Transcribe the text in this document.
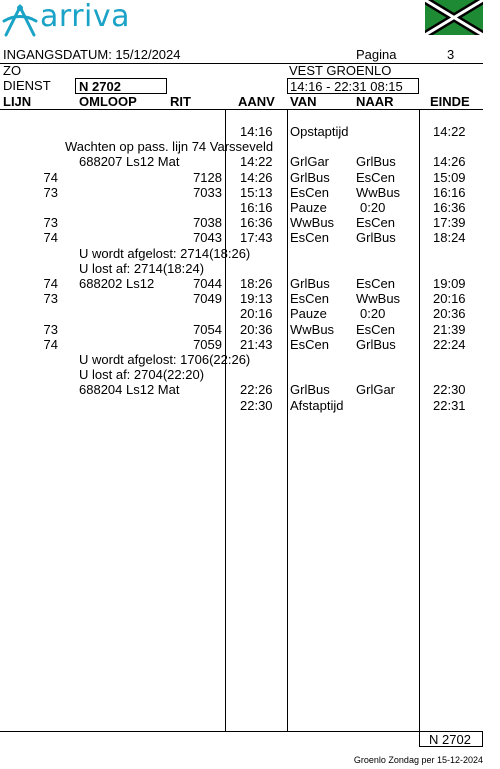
arriva
INGANGSDATUM: 15/12/2024	Pagina	3
ZO	VEST GROENLO
DIENST N 2702	14:16 - 22:31 08:15
LIJN	OMLOOP	RIT	AANV VAN	NAAR	EINDE
N 2702
14:16 Opstaptijd	14:22
Wachten op pass. lijn 74 Varsseveld
688207 Ls12 Mat	14:22 GrlGar GrlBus	14:26
74	7128 14:26 GrlBus EsCen	15:09
73	7033 15:13 EsCen WwBus	16:16
16:16 Pauze	0:20	16:36
73	7038 16:36 WwBus EsCen	17:39
74	7043 17:43 EsCen GrlBus	18:24
U wordt afgelost: 2714(18:26)
U lost af: 2714(18:24)
74 688202 Ls12	7044 18:26 GrlBus EsCen	19:09
73	7049 19:13 EsCen WwBus	20:16
20:16 Pauze	0:20	20:36
73	7054 20:36 WwBus EsCen	21:39
74	7059 21:43 EsCen GrlBus	22:24
U wordt afgelost: 1706(22:26)
U lost af: 2704(22:20)
688204 Ls12 Mat	22:26 GrlBus GrlGar	22:30
22:30 Afstaptijd	22:31
Groenlo Zondag per 15-12-2024
